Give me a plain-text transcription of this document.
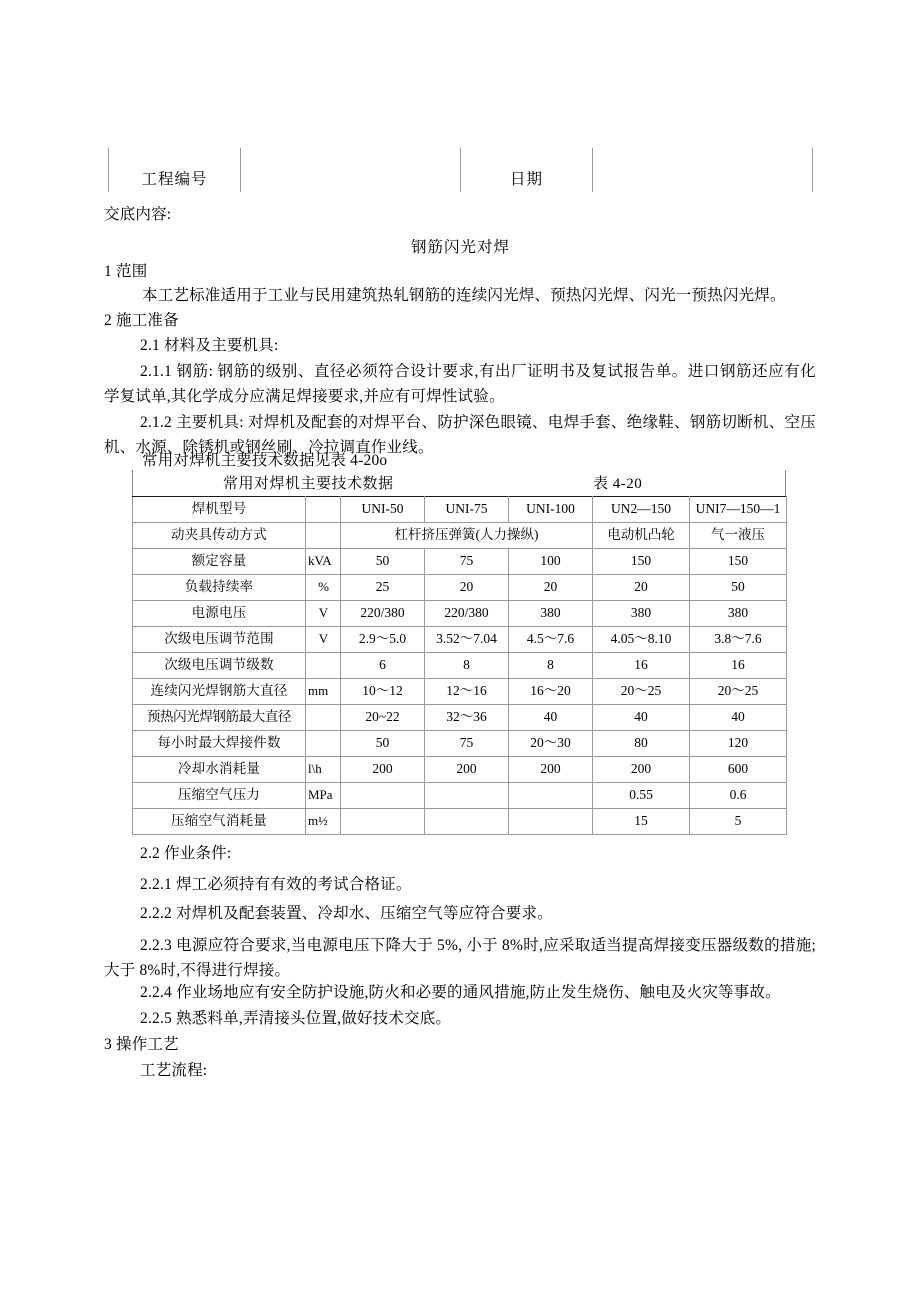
工程编号		日期	
交底内容:
钢筋闪光对焊
1 范围
本工艺标准适用于工业与民用建筑热轧钢筋的连续闪光焊、预热闪光焊、闪光一预热闪光焊。
2 施工准备
2.1 材料及主要机具:
2.1.1 钢筋: 钢筋的级别、直径必须符合设计要求,有出厂证明书及复试报告单。进口钢筋还应有化学复试单,其化学成分应满足焊接要求,并应有可焊性试验。
2.1.2 主要机具: 对焊机及配套的对焊平台、防护深色眼镜、电焊手套、绝缘鞋、钢筋切断机、空压机、水源、除锈机或钢丝刷、冷拉调直作业线。
常用对焊机主要技术数据见表 4-20o
常用对焊机主要技术数据	表 4-20
焊机型号		UNI-50	UNI-75	UNI-100	UN2—150	UNI7—150—1
动夹具传动方式		杠杆挤压弹簧(人力操纵)			电动机凸轮	气一液压
额定容量	kVA	50	75	100	150	150
负载持续率	%	25	20	20	20	50
电源电压	V	220/380	220/380	380	380	380
次级电压调节范围	V	2.9～5.0	3.52～7.04	4.5～7.6	4.05～8.10	3.8～7.6
次级电压调节级数		6	8	8	16	16
连续闪光焊钢筋大直径	mm	10～12	12～16	16～20	20～25	20～25
预热闪光焊钢筋最大直径		20~22	32～36	40	40	40
每小时最大焊接件数		50	75	20～30	80	120
冷却水消耗量	l\h	200	200	200	200	600
压缩空气压力	MPa				0.55	0.6
压缩空气消耗量	m½				15	5
2.2 作业条件:
2.2.1 焊工必须持有有效的考试合格证。
2.2.2 对焊机及配套装置、冷却水、压缩空气等应符合要求。
2.2.3 电源应符合要求,当电源电压下降大于 5%, 小于 8%时,应采取适当提高焊接变压器级数的措施; 大于 8%时,不得进行焊接。
2.2.4 作业场地应有安全防护设施,防火和必要的通风措施,防止发生烧伤、触电及火灾等事故。
2.2.5 熟悉料单,弄清接头位置,做好技术交底。
3 操作工艺
工艺流程:
